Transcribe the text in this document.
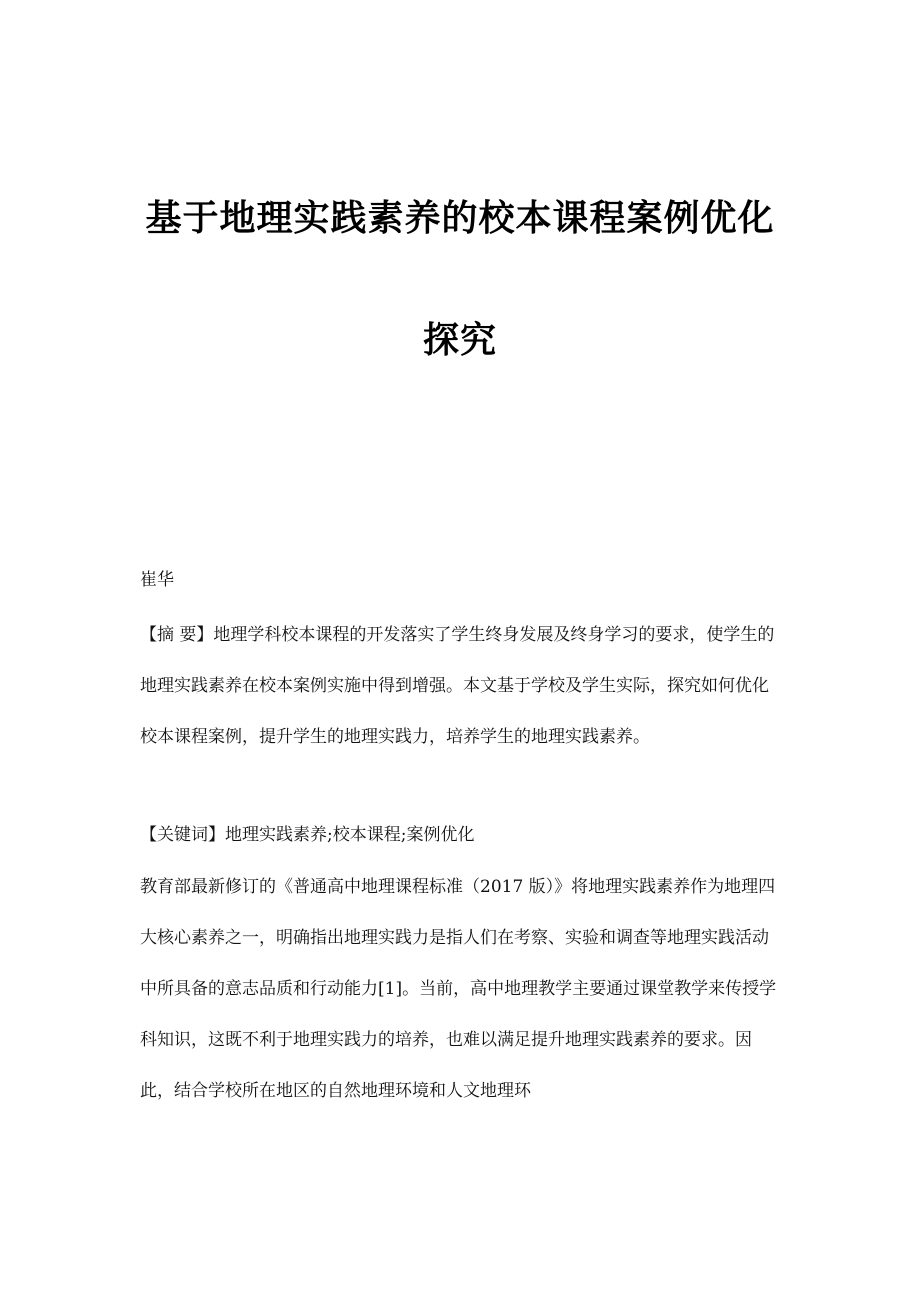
基于地理实践素养的校本课程案例优化
探究
崔华

【摘 要】地理学科校本课程的开发落实了学生终身发展及终身学习的要求，使学生的地理实践素养在校本案例实施中得到增强。本文基于学校及学生实际，探究如何优化校本课程案例，提升学生的地理实践力，培养学生的地理实践素养。

【关键词】地理实践素养;校本课程;案例优化

教育部最新修订的《普通高中地理课程标准（2017 版）》将地理实践素养作为地理四大核心素养之一，明确指出地理实践力是指人们在考察、实验和调查等地理实践活动中所具备的意志品质和行动能力[1]。当前，高中地理教学主要通过课堂教学来传授学科知识，这既不利于地理实践力的培养，也难以满足提升地理实践素养的要求。因此，结合学校所在地区的自然地理环境和人文地理环
